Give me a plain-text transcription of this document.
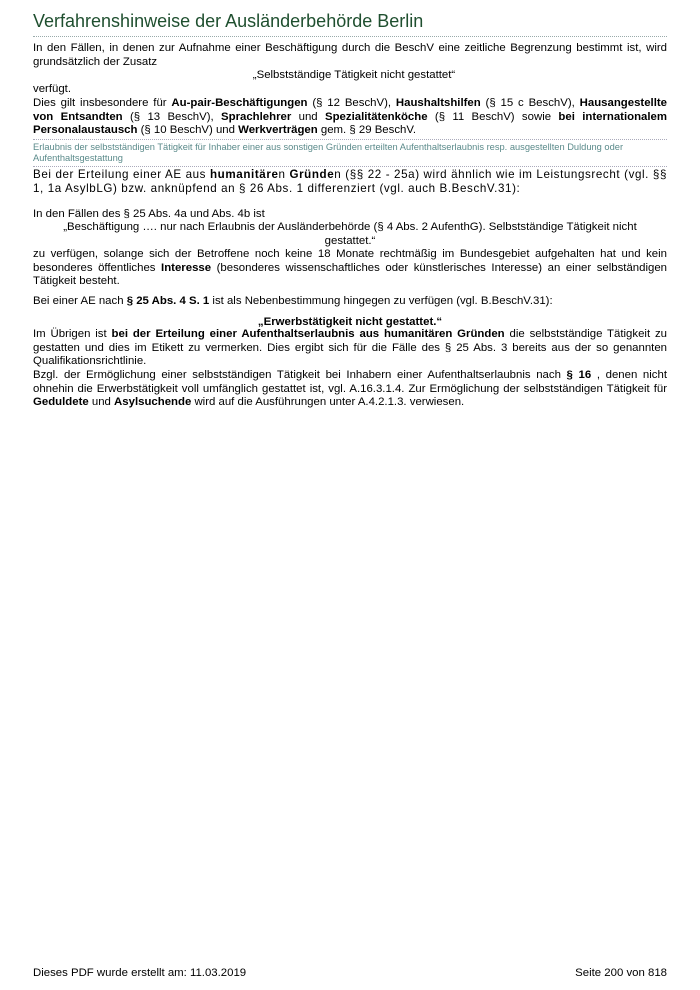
Verfahrenshinweise der Ausländerbehörde Berlin
In den Fällen, in denen zur Aufnahme einer Beschäftigung durch die BeschV eine zeitliche Begrenzung bestimmt ist, wird grundsätzlich der Zusatz
„Selbstständige Tätigkeit nicht gestattet“
verfügt.
Dies gilt insbesondere für Au-pair-Beschäftigungen (§ 12 BeschV), Haushaltshilfen (§ 15 c BeschV), Hausangestellte von Entsandten (§ 13 BeschV), Sprachlehrer und Spezialitätenköche (§ 11 BeschV) sowie bei internationalem Personalaustausch (§ 10 BeschV) und Werkverträgen gem. § 29 BeschV.
Erlaubnis der selbstständigen Tätigkeit für Inhaber einer aus sonstigen Gründen erteilten Aufenthaltserlaubnis resp. ausgestellten Duldung oder Aufenthaltsgestattung
Bei der Erteilung einer AE aus humanitären Gründen (§§ 22 - 25a) wird ähnlich wie im Leistungsrecht (vgl. §§ 1, 1a AsylbLG) bzw. anknüpfend an § 26 Abs. 1 differenziert (vgl. auch B.BeschV.31):
In den Fällen des § 25 Abs. 4a und Abs. 4b ist
„Beschäftigung …. nur nach Erlaubnis der Ausländerbehörde (§ 4 Abs. 2 AufenthG). Selbstständige Tätigkeit nicht gestattet.“
zu verfügen, solange sich der Betroffene noch keine 18 Monate rechtmäßig im Bundesgebiet aufgehalten hat und kein besonderes öffentliches Interesse (besonderes wissenschaftliches oder künstlerisches Interesse) an einer selbständigen Tätigkeit besteht.
Bei einer AE nach § 25 Abs. 4 S. 1 ist als Nebenbestimmung hingegen zu verfügen (vgl. B.BeschV.31):
„Erwerbstätigkeit nicht gestattet.“
Im Übrigen ist bei der Erteilung einer Aufenthaltserlaubnis aus humanitären Gründen die selbstständige Tätigkeit zu gestatten und dies im Etikett zu vermerken. Dies ergibt sich für die Fälle des § 25 Abs. 3 bereits aus der so genannten Qualifikationsrichtlinie.
Bzgl. der Ermöglichung einer selbstständigen Tätigkeit bei Inhabern einer Aufenthaltserlaubnis nach § 16 , denen nicht ohnehin die Erwerbstätigkeit voll umfänglich gestattet ist, vgl. A.16.3.1.4. Zur Ermöglichung der selbstständigen Tätigkeit für Geduldete und Asylsuchende wird auf die Ausführungen unter A.4.2.1.3. verwiesen.
Dieses PDF wurde erstellt am: 11.03.2019	Seite 200 von 818
